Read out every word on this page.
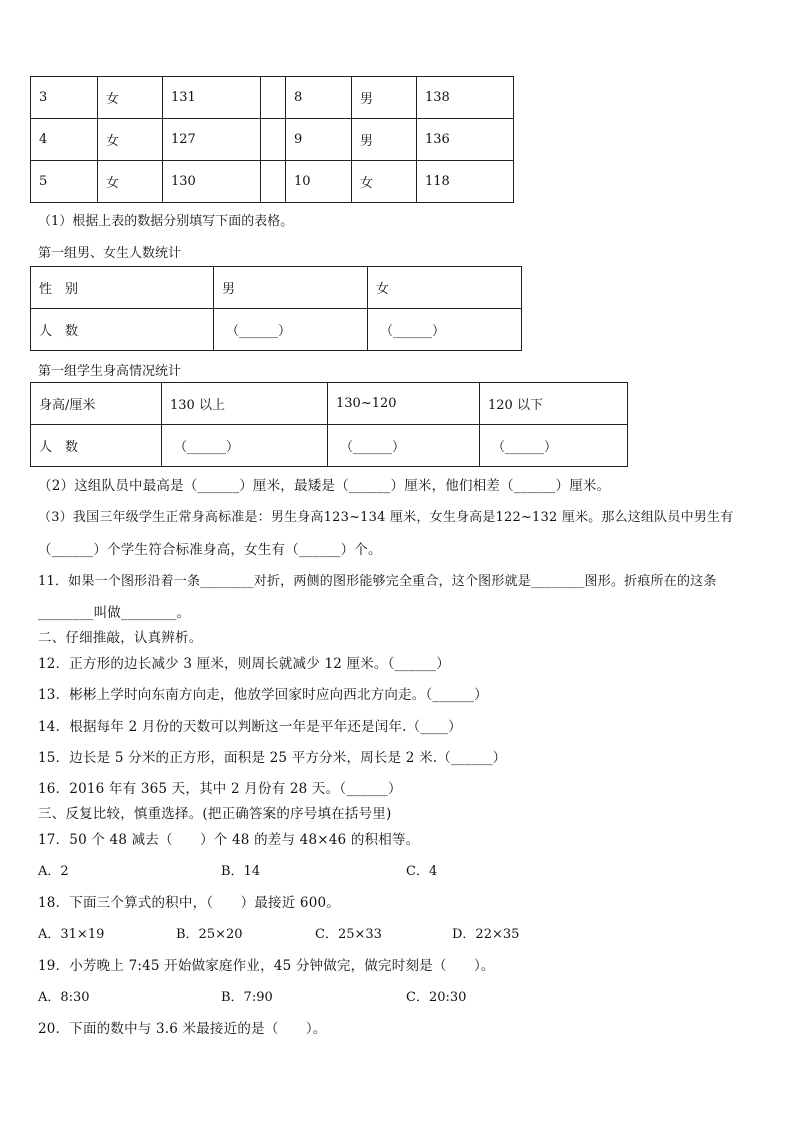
3	女	131		8	男	138
4	女	127		9	男	136
5	女	130		10	女	118
（1）根据上表的数据分别填写下面的表格。
第一组男、女生人数统计
性　别	男	女
人　数	（______）	（______）
第一组学生身高情况统计
身高/厘米	130 以上	130~120	120 以下
人　数	（______）	（______）	（______）
（2）这组队员中最高是（______）厘米，最矮是（______）厘米，他们相差（______）厘米。
（3）我国三年级学生正常身高标准是：男生身高123~134 厘米，女生身高是122~132 厘米。那么这组队员中男生有
（______）个学生符合标准身高，女生有（______）个。
11．如果一个图形沿着一条________对折，两侧的图形能够完全重合，这个图形就是________图形。折痕所在的这条
________叫做________。
二、仔细推敲，认真辨析。
12．正方形的边长减少 3 厘米，则周长就减少 12 厘米。（______）
13．彬彬上学时向东南方向走，他放学回家时应向西北方向走。（______）
14．根据每年 2 月份的天数可以判断这一年是平年还是闰年.（____）
15．边长是 5 分米的正方形，面积是 25 平方分米，周长是 2 米.（______）
16．2016 年有 365 天，其中 2 月份有 28 天。（______）
三、反复比较，慎重选择。(把正确答案的序号填在括号里)
17．50 个 48 减去（　　）个 48 的差与 48×46 的积相等。
A．2	B．14	C．4
18．下面三个算式的积中，（　　）最接近 600。
A．31×19	B．25×20	C．25×33	D．22×35
19．小芳晚上 7:45 开始做家庭作业，45 分钟做完，做完时刻是（　　）。
A．8:30	B．7:90	C．20:30
20．下面的数中与 3.6 米最接近的是（　　）。
